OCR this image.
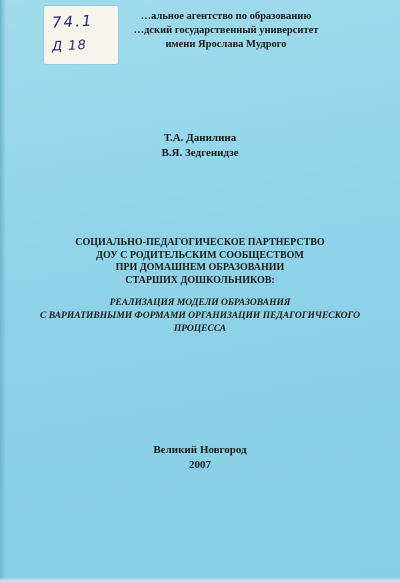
74.1

Д 18

…альное агентство по образованию
…дский государственный университет
имени Ярослава Мудрого
Т.А. Данилина
В.Я. Зедгенидзе
СОЦИАЛЬНО-ПЕДАГОГИЧЕСКОЕ ПАРТНЕРСТВО
ДОУ С РОДИТЕЛЬСКИМ СООБЩЕСТВОМ
ПРИ ДОМАШНЕМ ОБРАЗОВАНИИ
СТАРШИХ ДОШКОЛЬНИКОВ:
РЕАЛИЗАЦИЯ МОДЕЛИ ОБРАЗОВАНИЯ
С ВАРИАТИВНЫМИ ФОРМАМИ ОРГАНИЗАЦИИ ПЕДАГОГИЧЕСКОГО
ПРОЦЕССА
Великий Новгород
2007
